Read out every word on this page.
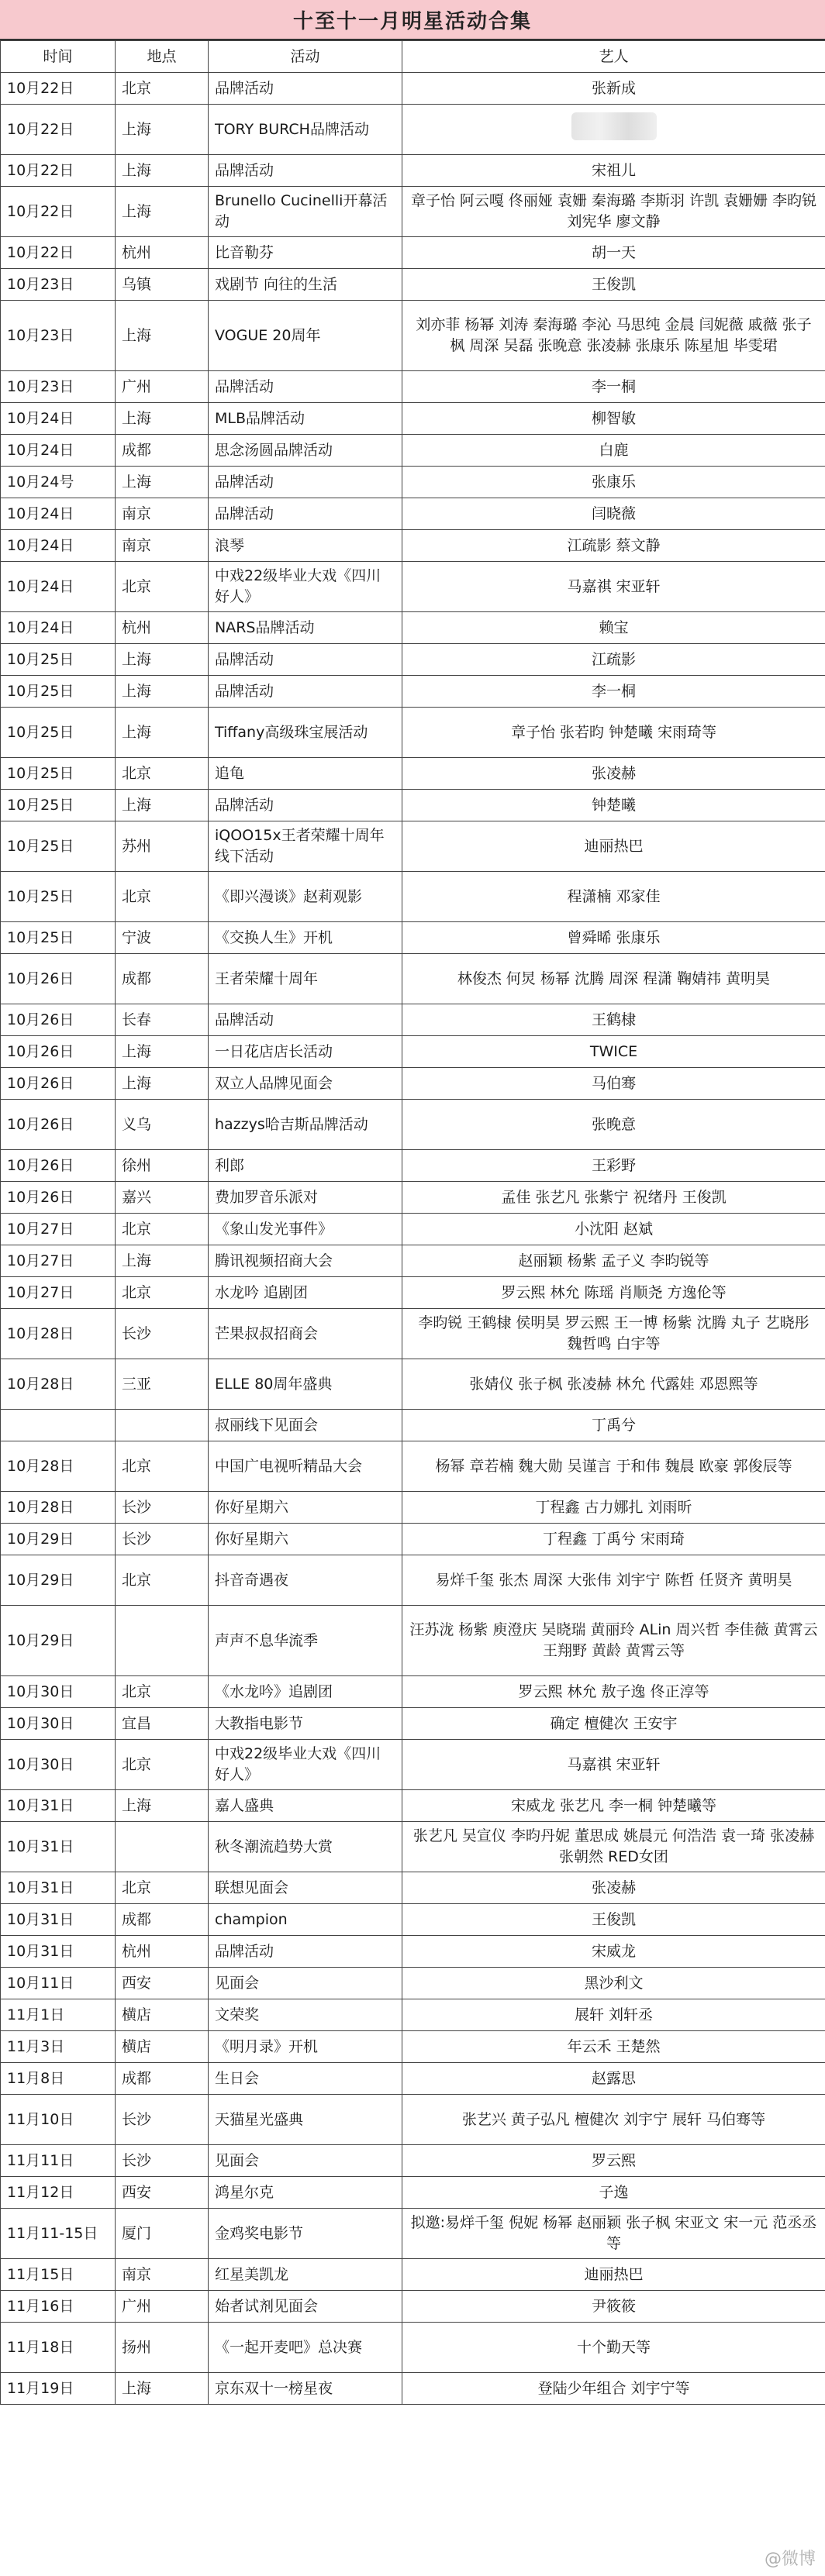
十至十一月明星活动合集
时间	地点	活动	艺人
10月22日	北京	品牌活动	张新成
10月22日	上海	TORY BURCH品牌活动	
10月22日	上海	品牌活动	宋祖儿
10月22日	上海	Brunello Cucinelli开幕活动	章子怡 阿云嘎 佟丽娅 袁姗 秦海璐 李斯羽 许凯 袁姗姗 李昀锐 刘宪华 廖文静
10月22日	杭州	比音勒芬	胡一天
10月23日	乌镇	戏剧节 向往的生活	王俊凯
10月23日	上海	VOGUE 20周年	刘亦菲 杨幂 刘涛 秦海璐 李沁 马思纯 金晨 闫妮薇 戚薇 张子枫 周深 吴磊 张晚意 张凌赫 张康乐 陈星旭 毕雯珺
10月23日	广州	品牌活动	李一桐
10月24日	上海	MLB品牌活动	柳智敏
10月24日	成都	思念汤圆品牌活动	白鹿
10月24号	上海	品牌活动	张康乐
10月24日	南京	品牌活动	闫晓薇
10月24日	南京	浪琴	江疏影 蔡文静
10月24日	北京	中戏22级毕业大戏《四川好人》	马嘉祺 宋亚轩
10月24日	杭州	NARS品牌活动	赖宝
10月25日	上海	品牌活动	江疏影
10月25日	上海	品牌活动	李一桐
10月25日	上海	Tiffany高级珠宝展活动	章子怡 张若昀 钟楚曦 宋雨琦等
10月25日	北京	追龟	张凌赫
10月25日	上海	品牌活动	钟楚曦
10月25日	苏州	iQOO15x王者荣耀十周年线下活动	迪丽热巴
10月25日	北京	《即兴漫谈》赵莉观影	程潇楠 邓家佳
10月25日	宁波	《交换人生》开机	曾舜晞 张康乐
10月26日	成都	王者荣耀十周年	林俊杰 何炅 杨幂 沈腾 周深 程潇 鞠婧祎 黄明昊
10月26日	长春	品牌活动	王鹤棣
10月26日	上海	一日花店店长活动	TWICE
10月26日	上海	双立人品牌见面会	马伯骞
10月26日	义乌	hazzys哈吉斯品牌活动	张晚意
10月26日	徐州	利郎	王彩野
10月26日	嘉兴	费加罗音乐派对	孟佳 张艺凡 张紫宁 祝绪丹 王俊凯
10月27日	北京	《象山发光事件》	小沈阳 赵斌
10月27日	上海	腾讯视频招商大会	赵丽颖 杨紫 孟子义 李昀锐等
10月27日	北京	水龙吟 追剧团	罗云熙 林允 陈瑶 肖顺尧 方逸伦等
10月28日	长沙	芒果叔叔招商会	李昀锐 王鹤棣 侯明昊 罗云熙 王一博 杨紫 沈腾 丸子 艺晓彤 魏哲鸣 白宇等
10月28日	三亚	ELLE 80周年盛典	张婧仪 张子枫 张凌赫 林允 代露娃 邓恩熙等
		叔丽线下见面会	丁禹兮
10月28日	北京	中国广电视听精品大会	杨幂 章若楠 魏大勋 吴谨言 于和伟 魏晨 欧豪 郭俊辰等
10月28日	长沙	你好星期六	丁程鑫 古力娜扎 刘雨昕
10月29日	长沙	你好星期六	丁程鑫 丁禹兮 宋雨琦
10月29日	北京	抖音奇遇夜	易烊千玺 张杰 周深 大张伟 刘宇宁 陈哲 任贤齐 黄明昊
10月29日		声声不息华流季	汪苏泷 杨紫 庾澄庆 吴晓瑞 黄丽玲 ALin 周兴哲 李佳薇 黄霄云 王翔野 黄龄 黄霄云等
10月30日	北京	《水龙吟》追剧团	罗云熙 林允 敖子逸 佟正淳等
10月30日	宜昌	大教指电影节	确定 檀健次 王安宇
10月30日	北京	中戏22级毕业大戏《四川好人》	马嘉祺 宋亚轩
10月31日	上海	嘉人盛典	宋威龙 张艺凡 李一桐 钟楚曦等
10月31日		秋冬潮流趋势大赏	张艺凡 吴宣仪 李昀丹妮 董思成 姚晨元 何浩浩 袁一琦 张凌赫 张朝然 RED女团
10月31日	北京	联想见面会	张凌赫
10月31日	成都	champion	王俊凯
10月31日	杭州	品牌活动	宋威龙
10月11日	西安	见面会	黑沙利文
11月1日	横店	文荣奖	展轩 刘轩丞
11月3日	横店	《明月录》开机	年云禾 王楚然
11月8日	成都	生日会	赵露思
11月10日	长沙	天猫星光盛典	张艺兴 黄子弘凡 檀健次 刘宇宁 展轩 马伯骞等
11月11日	长沙	见面会	罗云熙
11月12日	西安	鸿星尔克	子逸
11月11-15日	厦门	金鸡奖电影节	拟邀:易烊千玺 倪妮 杨幂 赵丽颖 张子枫 宋亚文 宋一元 范丞丞等
11月15日	南京	红星美凯龙	迪丽热巴
11月16日	广州	始者试剂见面会	尹筱筱
11月18日	扬州	《一起开麦吧》总决赛	十个勤天等
11月19日	上海	京东双十一榜星夜	登陆少年组合 刘宇宁等
@微博
